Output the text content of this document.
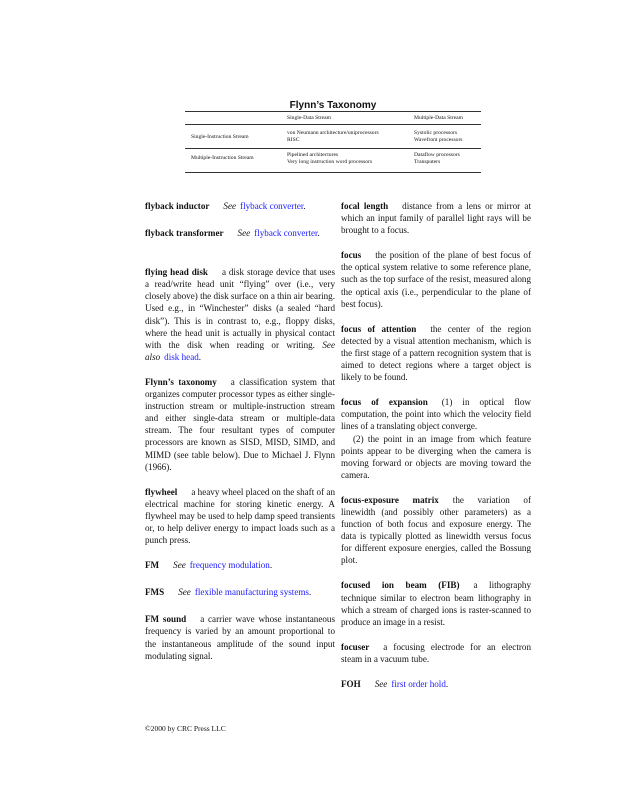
Flynn’s Taxonomy
Single-Data Stream	Multiple-Data Stream
Single-Instruction Stream
von Neumann architecture/uniprocessors
RISC
Systolic processors
Wavefront processors
Multiple-Instruction Stream	Pipelined architectures
Very long instruction word processors
Dataflow processors
Transputers

flyback inductor See flyback converter.

flyback transformer See flyback converter.

flying head disk a disk storage device that uses a read/write head unit “flying” over (i.e., very closely above) the disk surface on a thin air bearing. Used e.g., in “Winchester” disks (a sealed “hard disk”). This is in contrast to, e.g., floppy disks, where the head unit is actually in physical contact with the disk when reading or writing. See also disk head.

Flynn’s taxonomy a classification system that organizes computer processor types as either single-instruction stream or multiple-instruction stream and either single-data stream or multiple-data stream. The four resultant types of computer processors are known as SISD, MISD, SIMD, and MIMD (see table below). Due to Michael J. Flynn (1966).

flywheel a heavy wheel placed on the shaft of an electrical machine for storing kinetic energy. A flywheel may be used to help damp speed transients or, to help deliver energy to impact loads such as a punch press.

FM See frequency modulation.

FMS See flexible manufacturing systems.

FM sound a carrier wave whose instantaneous frequency is varied by an amount proportional to the instantaneous amplitude of the sound input modulating signal.

focal length distance from a lens or mirror at which an input family of parallel light rays will be brought to a focus.

focus the position of the plane of best focus of the optical system relative to some reference plane, such as the top surface of the resist, measured along the optical axis (i.e., perpendicular to the plane of best focus).

focus of attention the center of the region detected by a visual attention mechanism, which is the first stage of a pattern recognition system that is aimed to detect regions where a target object is likely to be found.

focus of expansion (1) in optical flow computation, the point into which the velocity field lines of a translating object converge.
(2) the point in an image from which feature points appear to be diverging when the camera is moving forward or objects are moving toward the camera.

focus-exposure matrix the variation of linewidth (and possibly other parameters) as a function of both focus and exposure energy. The data is typically plotted as linewidth versus focus for different exposure energies, called the Bossung plot.

focused ion beam (FIB) a lithography technique similar to electron beam lithography in which a stream of charged ions is raster-scanned to produce an image in a resist.

focuser a focusing electrode for an electron steam in a vacuum tube.

FOH See first order hold.

©2000 by CRC Press LLC
